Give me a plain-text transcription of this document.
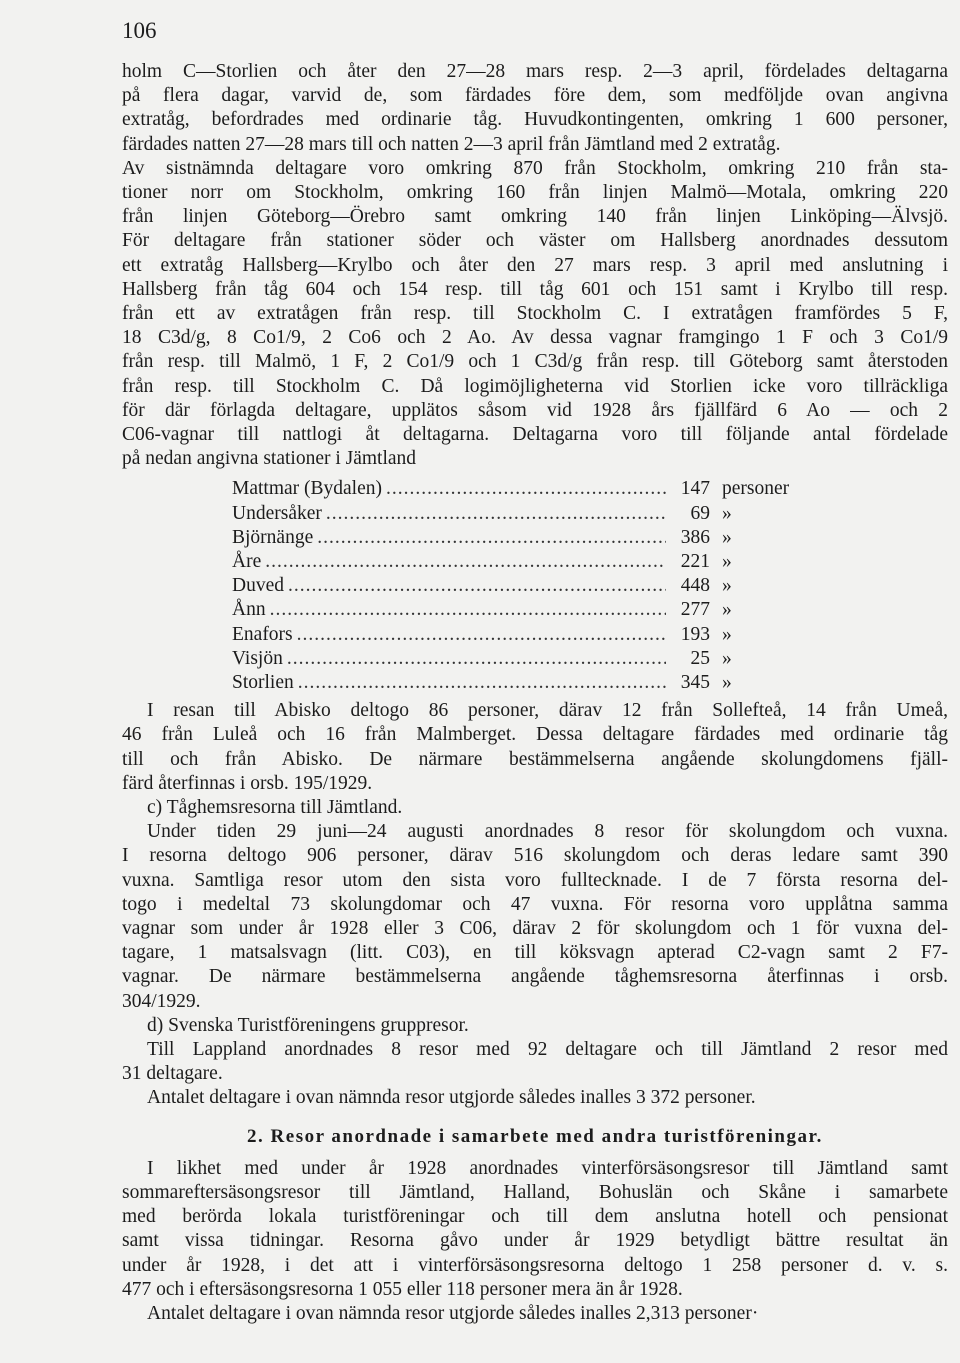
106
holm C—Storlien och åter den 27—28 mars resp. 2—3 april, fördelades deltagarna
på flera dagar, varvid de, som färdades före dem, som medföljde ovan angivna
extratåg, befordrades med ordinarie tåg. Huvudkontingenten, omkring 1 600 personer,
färdades natten 27—28 mars till och natten 2—3 april från Jämtland med 2 extratåg.
Av sistnämnda deltagare voro omkring 870 från Stockholm, omkring 210 från sta-
tioner norr om Stockholm, omkring 160 från linjen Malmö—Motala, omkring 220
från linjen Göteborg—Örebro samt omkring 140 från linjen Linköping—Älvsjö.
För deltagare från stationer söder och väster om Hallsberg anordnades dessutom
ett extratåg Hallsberg—Krylbo och åter den 27 mars resp. 3 april med anslutning i
Hallsberg från tåg 604 och 154 resp. till tåg 601 och 151 samt i Krylbo till resp.
från ett av extratågen från resp. till Stockholm C. I extratågen framfördes 5 F,
18 C3d/g, 8 Co1/9, 2 Co6 och 2 Ao. Av dessa vagnar framgingo 1 F och 3 Co1/9
från resp. till Malmö, 1 F, 2 Co1/9 och 1 C3d/g från resp. till Göteborg samt återstoden
från resp. till Stockholm C. Då logimöjligheterna vid Storlien icke voro tillräckliga
för där förlagda deltagare, upplätos såsom vid 1928 års fjällfärd 6 Ao — och 2
C06-vagnar till nattlogi åt deltagarna. Deltagarna voro till följande antal fördelade
på nedan angivna stationer i Jämtland
Mattmar (Bydalen) .....	147 personer
Undersåker .....	69 »
Björnänge .....	386 »
Åre .....	221 »
Duved .....	448 »
Ånn .....	277 »
Enafors .....	193 »
Visjön .....	25 »
Storlien .....	345 »
I resan till Abisko deltogo 86 personer, därav 12 från Sollefteå, 14 från Umeå,
46 från Luleå och 16 från Malmberget. Dessa deltagare färdades med ordinarie tåg
till och från Abisko. De närmare bestämmelserna angående skolungdomens fjäll-
färd återfinnas i orsb. 195/1929.
c) Tåghemsresorna till Jämtland.
Under tiden 29 juni—24 augusti anordnades 8 resor för skolungdom och vuxna.
I resorna deltogo 906 personer, därav 516 skolungdom och deras ledare samt 390
vuxna. Samtliga resor utom den sista voro fulltecknade. I de 7 första resorna del-
togo i medeltal 73 skolungdomar och 47 vuxna. För resorna voro upplåtna samma
vagnar som under år 1928 eller 3 C06, därav 2 för skolungdom och 1 för vuxna del-
tagare, 1 matsalsvagn (litt. C03), en till köksvagn apterad C2-vagn samt 2 F7-
vagnar. De närmare bestämmelserna angående tåghemsresorna återfinnas i orsb.
304/1929.
d) Svenska Turistföreningens gruppresor.
Till Lappland anordnades 8 resor med 92 deltagare och till Jämtland 2 resor med
31 deltagare.
Antalet deltagare i ovan nämnda resor utgjorde således inalles 3 372 personer.
2. Resor anordnade i samarbete med andra turistföreningar.
I likhet med under år 1928 anordnades vinterförsäsongsresor till Jämtland samt
sommareftersäsongsresor till Jämtland, Halland, Bohuslän och Skåne i samarbete
med berörda lokala turistföreningar och till dem anslutna hotell och pensionat
samt vissa tidningar. Resorna gåvo under år 1929 betydligt bättre resultat än
under år 1928, i det att i vinterförsäsongsresorna deltogo 1 258 personer d. v. s.
477 och i eftersäsongsresorna 1 055 eller 118 personer mera än år 1928.
Antalet deltagare i ovan nämnda resor utgjorde således inalles 2,313 personer·
